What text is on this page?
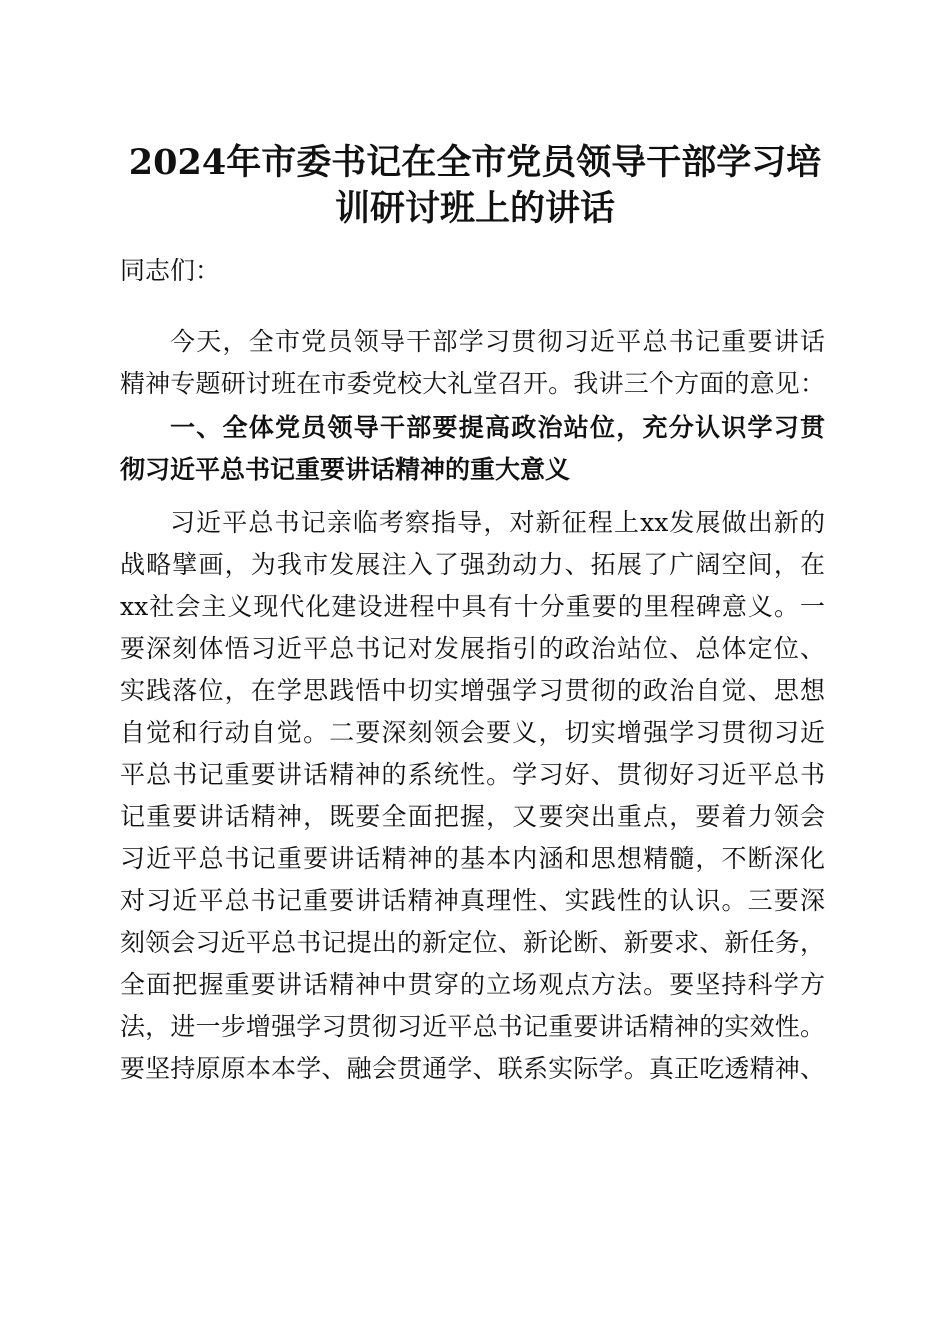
2024年市委书记在全市党员领导干部学习培
训研讨班上的讲话
同志们：
今天，全市党员领导干部学习贯彻习近平总书记重要讲话
精神专题研讨班在市委党校大礼堂召开。我讲三个方面的意见：
一、全体党员领导干部要提高政治站位，充分认识学习贯
彻习近平总书记重要讲话精神的重大意义
习近平总书记亲临考察指导，对新征程上xx发展做出新的
战略擘画，为我市发展注入了强劲动力、拓展了广阔空间，在
xx社会主义现代化建设进程中具有十分重要的里程碑意义。一
要深刻体悟习近平总书记对发展指引的政治站位、总体定位、
实践落位，在学思践悟中切实增强学习贯彻的政治自觉、思想
自觉和行动自觉。二要深刻领会要义，切实增强学习贯彻习近
平总书记重要讲话精神的系统性。学习好、贯彻好习近平总书
记重要讲话精神，既要全面把握，又要突出重点，要着力领会
习近平总书记重要讲话精神的基本内涵和思想精髓，不断深化
对习近平总书记重要讲话精神真理性、实践性的认识。三要深
刻领会习近平总书记提出的新定位、新论断、新要求、新任务，
全面把握重要讲话精神中贯穿的立场观点方法。要坚持科学方
法，进一步增强学习贯彻习近平总书记重要讲话精神的实效性。
要坚持原原本本学、融会贯通学、联系实际学。真正吃透精神、
